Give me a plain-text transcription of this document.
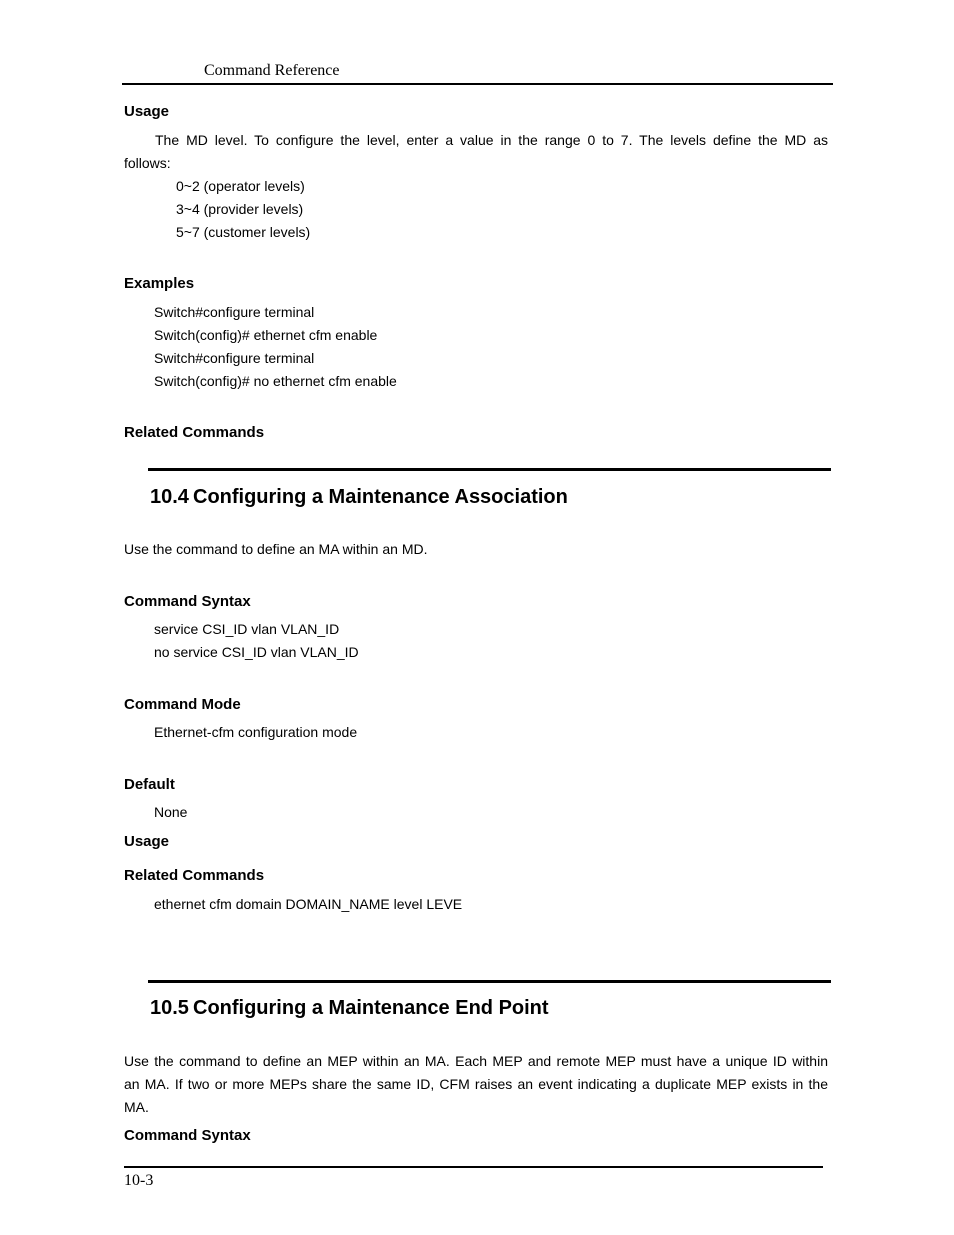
Command Reference
Usage
The MD level. To configure the level, enter a value in the range 0 to 7. The levels define the MD as
follows:
0~2 (operator levels)
3~4 (provider levels)
5~7 (customer levels)
Examples
Switch#configure terminal
Switch(config)# ethernet cfm enable
Switch#configure terminal
Switch(config)# no ethernet cfm enable
Related Commands
10.4 Configuring a Maintenance Association
Use the command to define an MA within an MD.
Command Syntax
service CSI_ID vlan VLAN_ID
no service CSI_ID vlan VLAN_ID
Command Mode
Ethernet-cfm configuration mode
Default
None
Usage
Related Commands
ethernet cfm domain DOMAIN_NAME level LEVE
10.5 Configuring a Maintenance End Point
Use the command to define an MEP within an MA. Each MEP and remote MEP must have a unique ID within
an MA. If two or more MEPs share the same ID, CFM raises an event indicating a duplicate MEP exists in the
MA.
Command Syntax
10-3
